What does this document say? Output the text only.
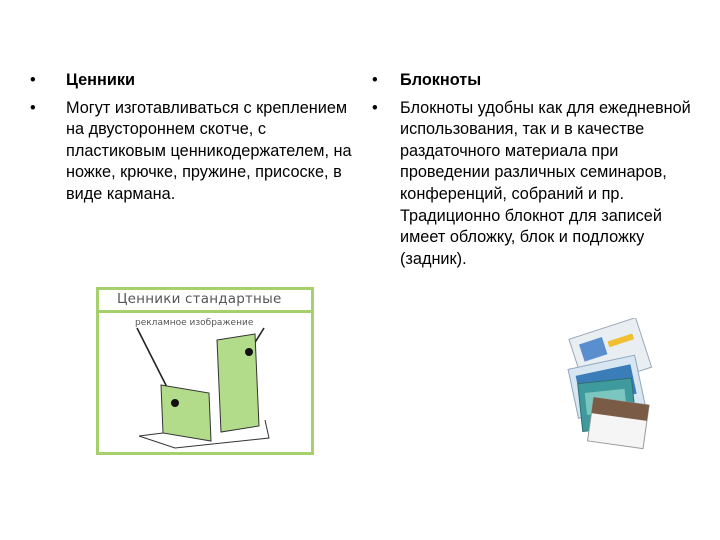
• Ценники
• Могут изготавливаться с креплением на двустороннем скотче, с пластиковым ценникодержателем, на ножке, крючке, пружине, присоске, в виде кармана.
• Блокноты
• Блокноты удобны как для ежедневной использования, так и в качестве раздаточного материала при проведении различных семинаров, конференций, собраний и пр. Традиционно блокнот для записей имеет обложку, блок и подложку (задник).
Ценники стандартные
рекламное изображение
